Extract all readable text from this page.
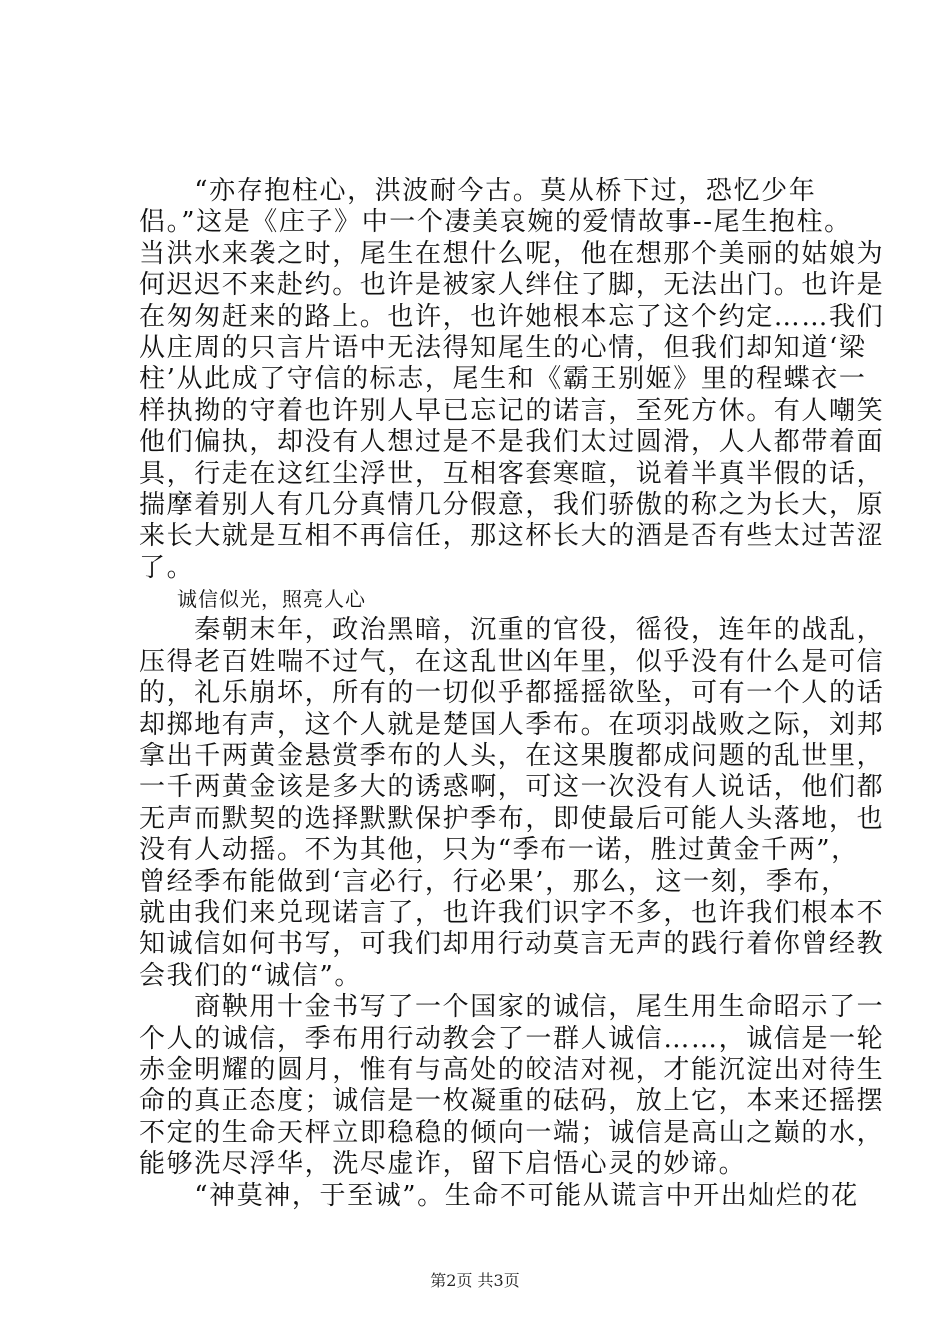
　　“亦存抱柱心，洪波耐今古。莫从桥下过，恐忆少年
侣。”这是《庄子》中一个凄美哀婉的爱情故事--尾生抱柱。
当洪水来袭之时，尾生在想什么呢，他在想那个美丽的姑娘为
何迟迟不来赴约。也许是被家人绊住了脚，无法出门。也许是
在匆匆赶来的路上。也许，也许她根本忘了这个约定……我们
从庄周的只言片语中无法得知尾生的心情，但我们却知道‘梁
柱’从此成了守信的标志，尾生和《霸王别姬》里的程蝶衣一
样执拗的守着也许别人早已忘记的诺言，至死方休。有人嘲笑
他们偏执，却没有人想过是不是我们太过圆滑，人人都带着面
具，行走在这红尘浮世，互相客套寒暄，说着半真半假的话，
揣摩着别人有几分真情几分假意，我们骄傲的称之为长大，原
来长大就是互相不再信任，那这杯长大的酒是否有些太过苦涩
了。
诚信似光，照亮人心
　　秦朝末年，政治黑暗，沉重的官役，徭役，连年的战乱，
压得老百姓喘不过气，在这乱世凶年里，似乎没有什么是可信
的，礼乐崩坏，所有的一切似乎都摇摇欲坠，可有一个人的话
却掷地有声，这个人就是楚国人季布。在项羽战败之际，刘邦
拿出千两黄金悬赏季布的人头，在这果腹都成问题的乱世里，
一千两黄金该是多大的诱惑啊，可这一次没有人说话，他们都
无声而默契的选择默默保护季布，即使最后可能人头落地，也
没有人动摇。不为其他，只为“季布一诺，胜过黄金千两”，
曾经季布能做到‘言必行，行必果’，那么，这一刻，季布，
就由我们来兑现诺言了，也许我们识字不多，也许我们根本不
知诚信如何书写，可我们却用行动莫言无声的践行着你曾经教
会我们的“诚信”。
　　商鞅用十金书写了一个国家的诚信，尾生用生命昭示了一
个人的诚信，季布用行动教会了一群人诚信……，诚信是一轮
赤金明耀的圆月，惟有与高处的皎洁对视，才能沉淀出对待生
命的真正态度；诚信是一枚凝重的砝码，放上它，本来还摇摆
不定的生命天枰立即稳稳的倾向一端；诚信是高山之巅的水，
能够洗尽浮华，洗尽虚诈，留下启悟心灵的妙谛。
　　“神莫神，于至诚”。生命不可能从谎言中开出灿烂的花
第2页 共3页
